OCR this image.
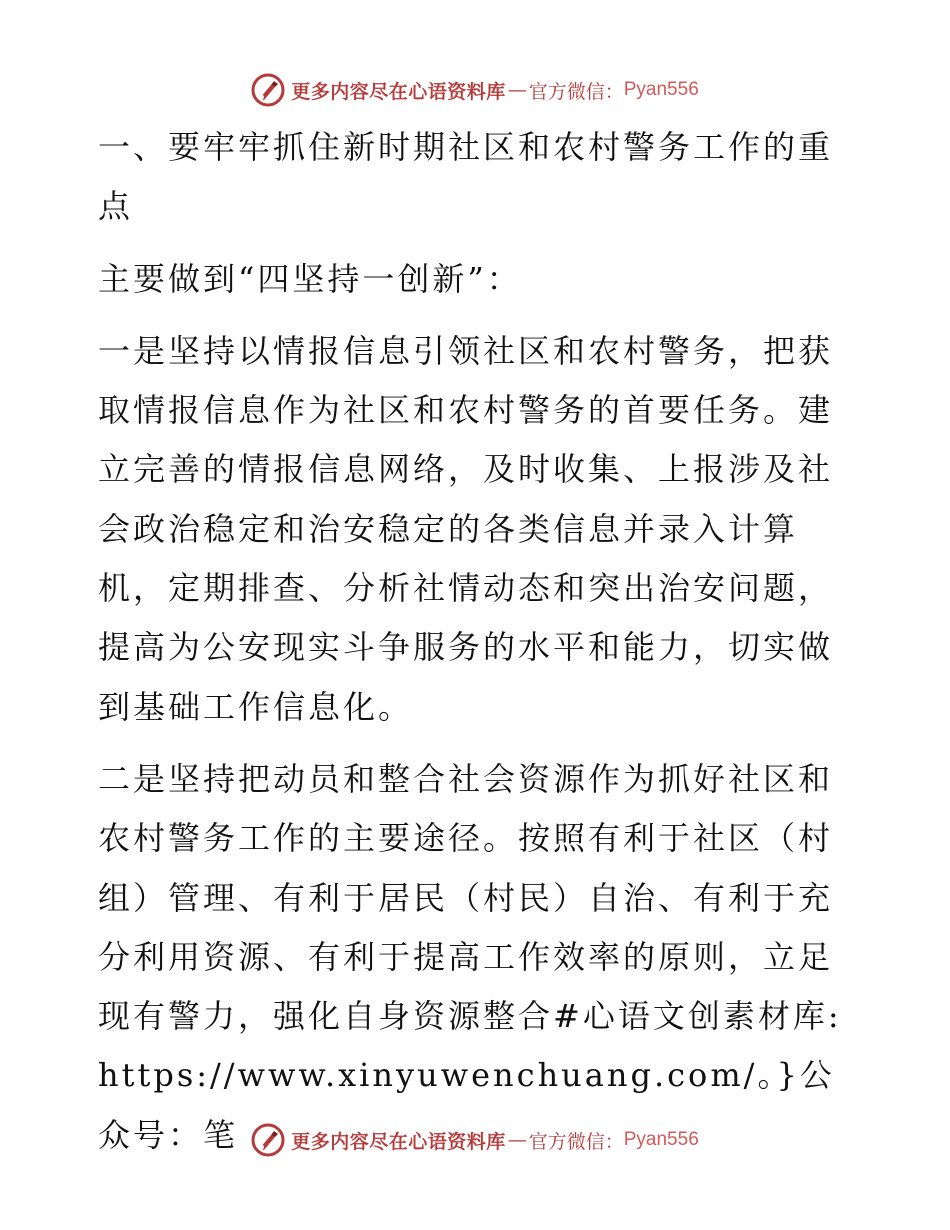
更多内容尽在心语资料库 — 官方微信： Pyan556

一、要牢牢抓住新时期社区和农村警务工作的重点

主要做到“四坚持一创新”：

一是坚持以情报信息引领社区和农村警务，把获取情报信息作为社区和农村警务的首要任务。建立完善的情报信息网络，及时收集、上报涉及社会政治稳定和治安稳定的各类信息并录入计算机，定期排查、分析社情动态和突出治安问题，提高为公安现实斗争服务的水平和能力，切实做到基础工作信息化。

二是坚持把动员和整合社会资源作为抓好社区和农村警务工作的主要途径。按照有利于社区（村组）管理、有利于居民（村民）自治、有利于充分利用资源、有利于提高工作效率的原则，立足现有警力，强化自身资源整合#心语文创素材库:https://www.xinyuwenchuang.com/。}公众号：笔	更多内容尽在心语资料库 — 官方微信： Pyan556
